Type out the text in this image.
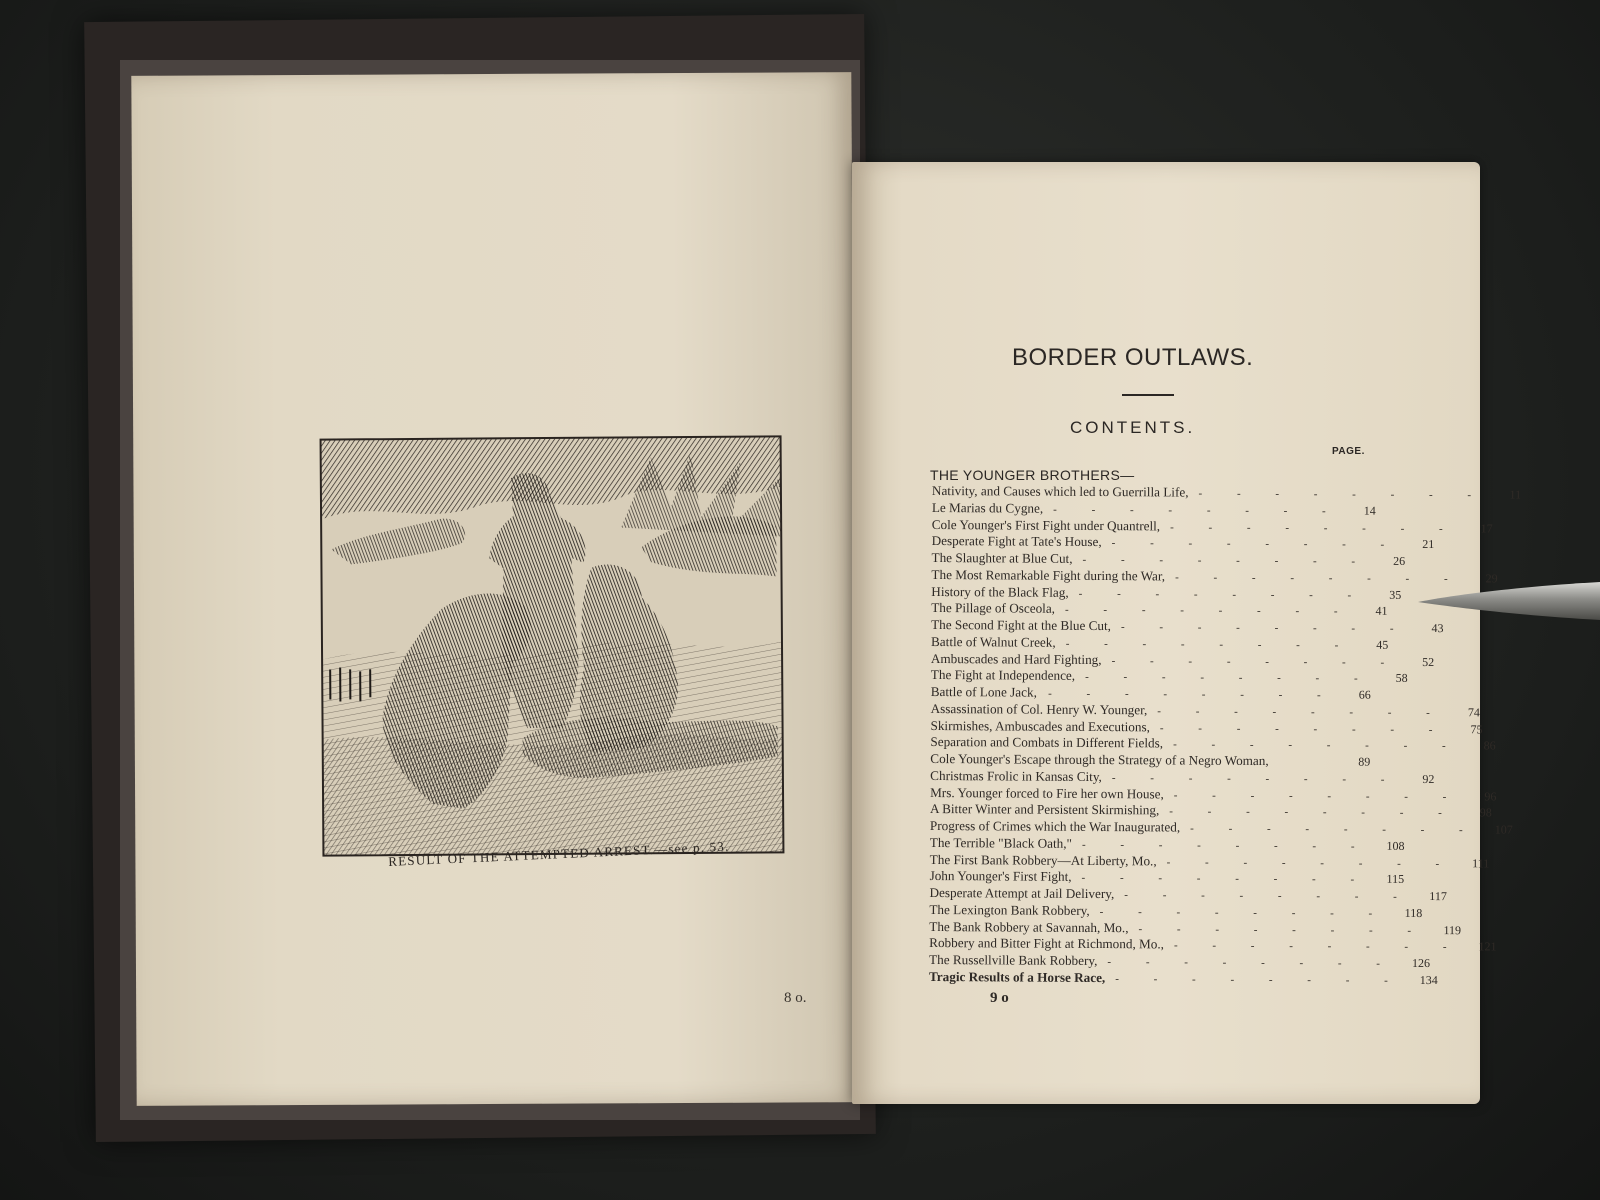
RESULT OF THE ATTEMPTED ARREST.—see p. 53.
8 o.
BORDER OUTLAWS.
CONTENTS.
PAGE.
THE YOUNGER BROTHERS—
Nativity, and Causes which led to Guerrilla Life, - - - - - - - -	11
Le Marias du Cygne, - - - - - - - -	14
Cole Younger's First Fight under Quantrell, - - - - - - - -	17
Desperate Fight at Tate's House, - - - - - - - -	21
The Slaughter at Blue Cut, - - - - - - - -	26
The Most Remarkable Fight during the War, - - - - - - - -	29
History of the Black Flag, - - - - - - - -	35
The Pillage of Osceola, - - - - - - - -	41
The Second Fight at the Blue Cut, - - - - - - - -	43
Battle of Walnut Creek, - - - - - - - -	45
Ambuscades and Hard Fighting, - - - - - - - -	52
The Fight at Independence, - - - - - - - -	58
Battle of Lone Jack,	- - - - - - - -	66
Assassination of Col. Henry W. Younger, - - - - - - - -	74
Skirmishes, Ambuscades and Executions, - - - - - - - -	75
Separation and Combats in Different Fields, - - - - - - - -	86
Cole Younger's Escape through the Strategy of a Negro Woman,	89
Christmas Frolic in Kansas City, - - - - - - - -	92
Mrs. Younger forced to Fire her own House, - - - - - - - -	96
A Bitter Winter and Persistent Skirmishing, - - - - - - - -	98
Progress of Crimes which the War Inaugurated, - - - - - - - -	107
The Terrible "Black Oath," - - - - - - - -	108
The First Bank Robbery—At Liberty, Mo., - - - - - - - -	111
John Younger's First Fight, - - - - - - - -	115
Desperate Attempt at Jail Delivery, - - - - - - - -	117
The Lexington Bank Robbery, - - - - - - - -	118
The Bank Robbery at Savannah, Mo., - - - - - - - -	119
Robbery and Bitter Fight at Richmond, Mo., - - - - - - - -	121
The Russellville Bank Robbery, - - - - - - - -	126
Tragic Results of a Horse Race, - - - - - - - -	134
9 o
